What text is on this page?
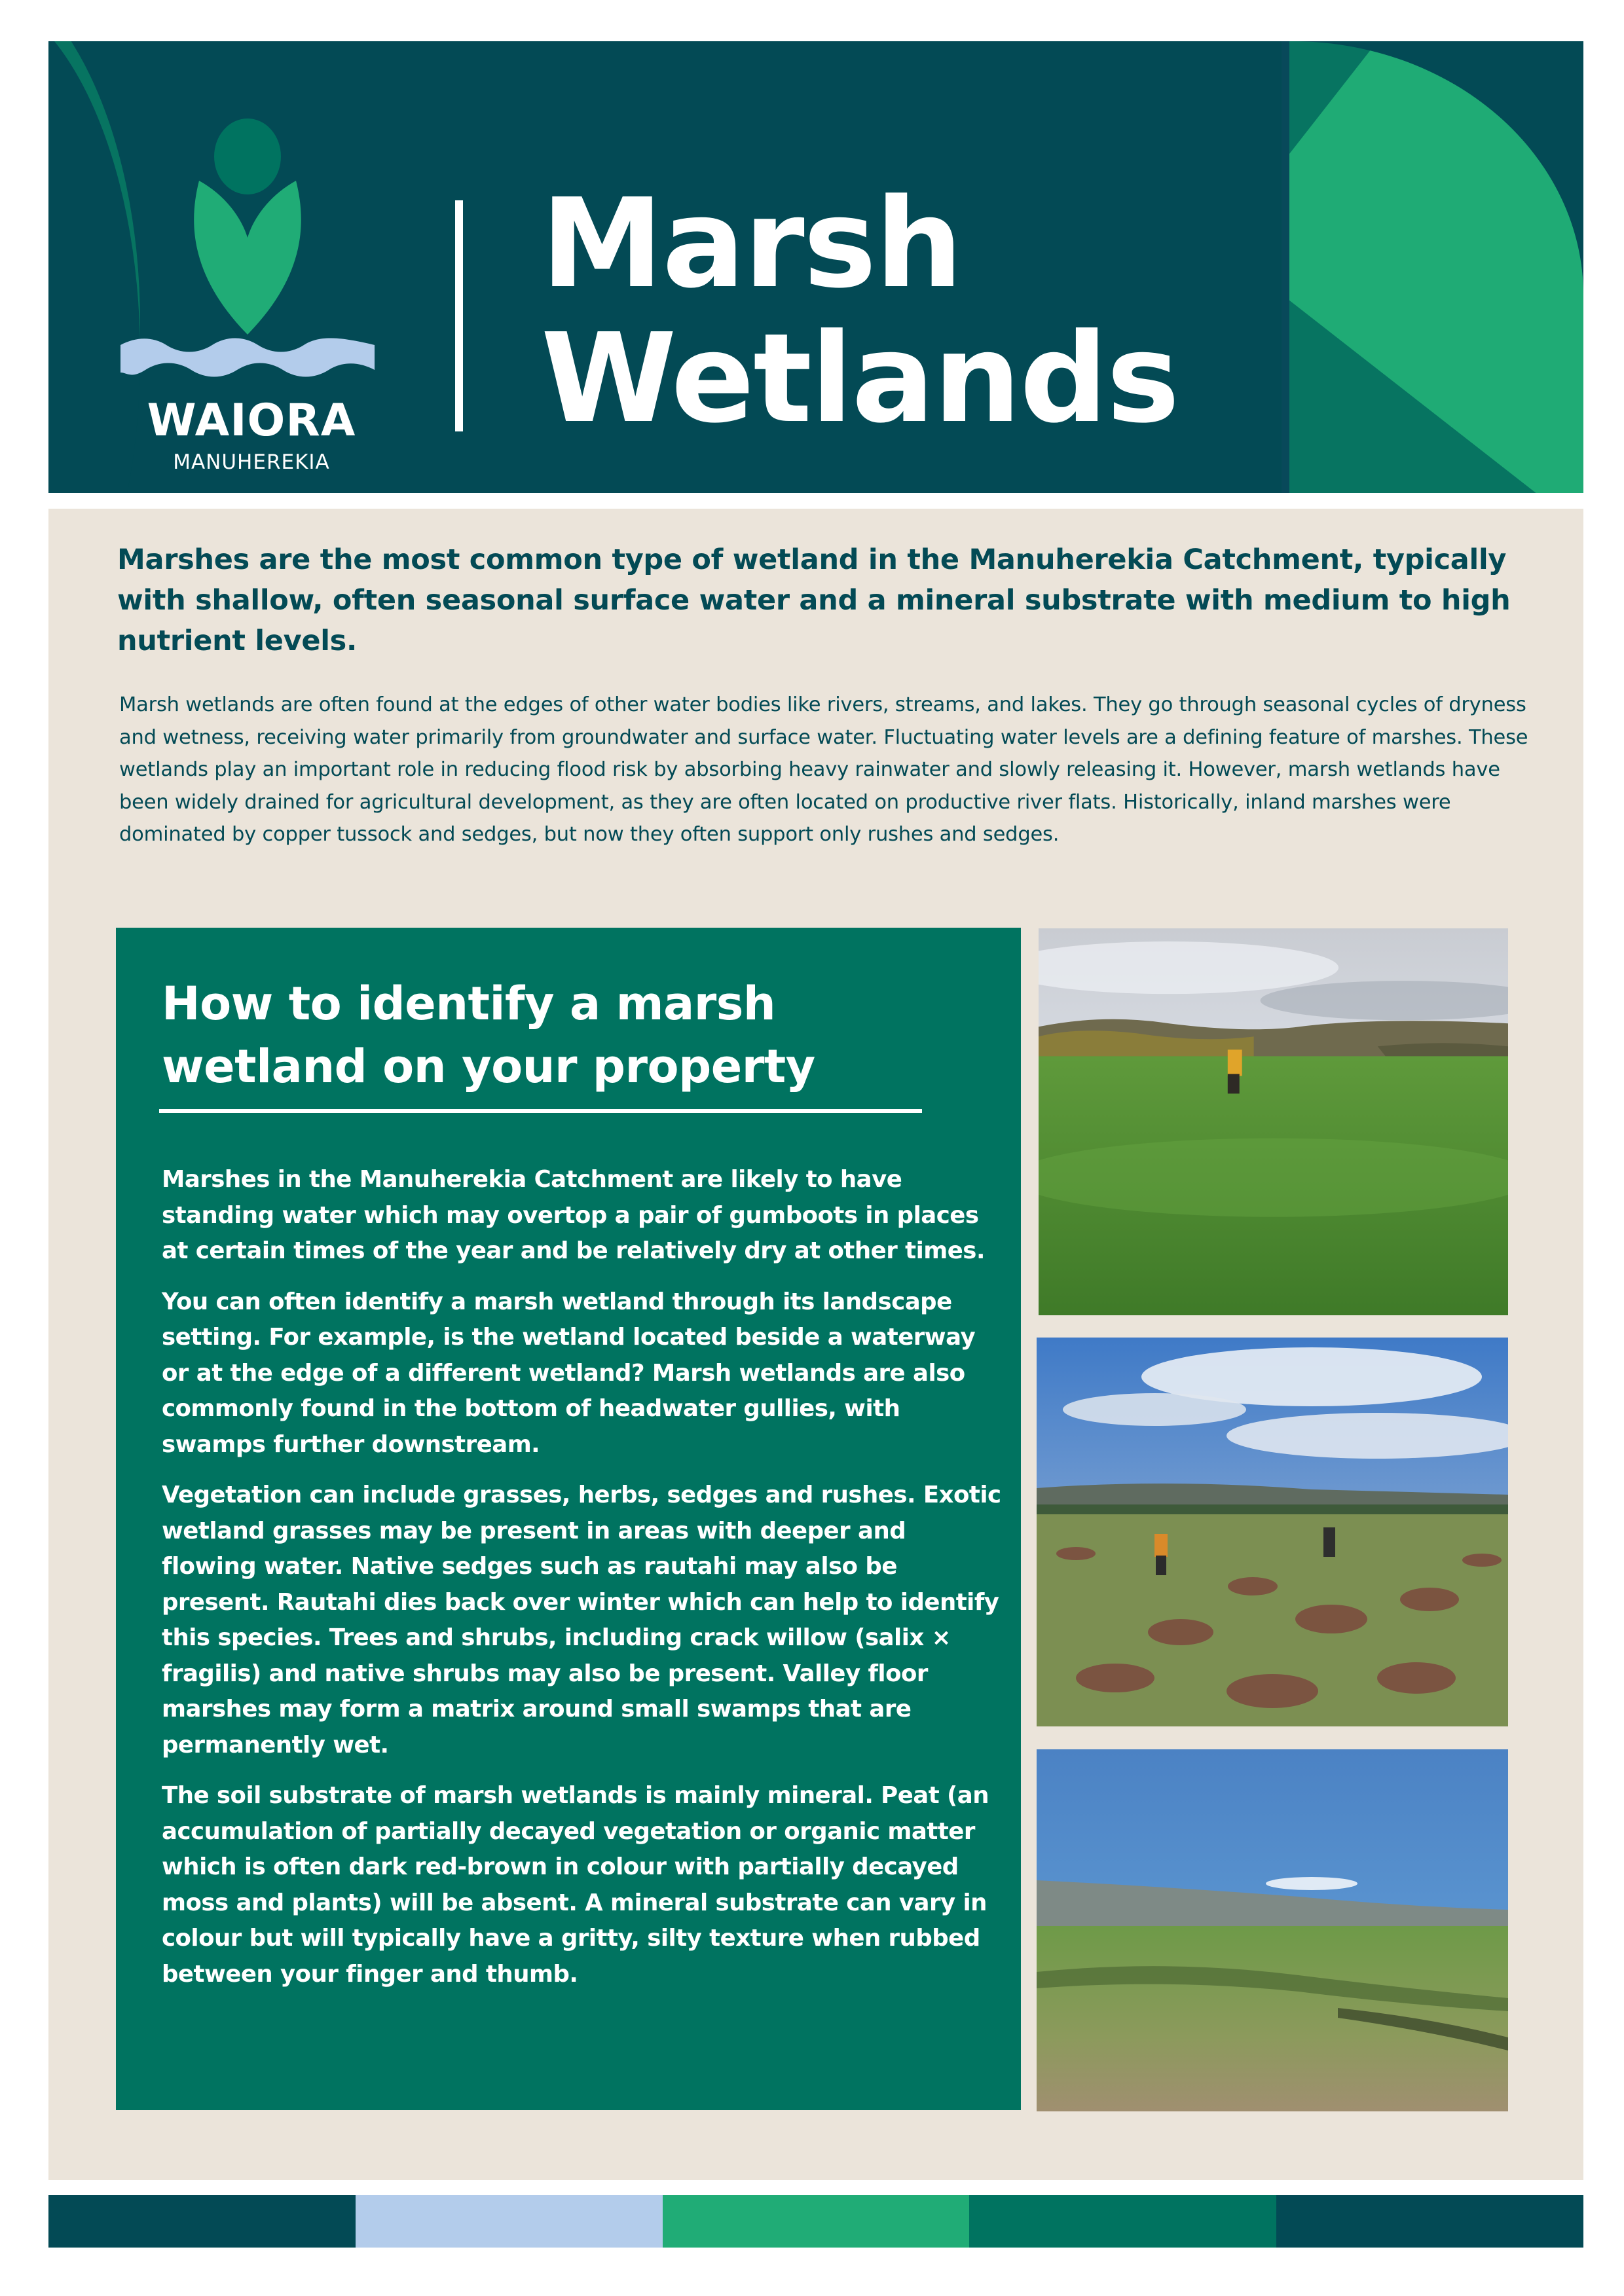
WAIORA
MANUHEREKIA
Marsh
Wetlands
Marshes are the most common type of wetland in the Manuherekia Catchment, typically with shallow, often seasonal surface water and a mineral substrate with medium to high nutrient levels.
Marsh wetlands are often found at the edges of other water bodies like rivers, streams, and lakes. They go through seasonal cycles of dryness and wetness, receiving water primarily from groundwater and surface water. Fluctuating water levels are a defining feature of marshes. These wetlands play an important role in reducing flood risk by absorbing heavy rainwater and slowly releasing it. However, marsh wetlands have been widely drained for agricultural development, as they are often located on productive river flats. Historically, inland marshes were dominated by copper tussock and sedges, but now they often support only rushes and sedges.
How to identify a marsh
wetland on your property

Marshes in the Manuherekia Catchment are likely to have standing water which may overtop a pair of gumboots in places at certain times of the year and be relatively dry at other times.

You can often identify a marsh wetland through its landscape setting. For example, is the wetland located beside a waterway or at the edge of a different wetland? Marsh wetlands are also commonly found in the bottom of headwater gullies, with swamps further downstream.

Vegetation can include grasses, herbs, sedges and rushes. Exotic wetland grasses may be present in areas with deeper and flowing water. Native sedges such as rautahi may also be present. Rautahi dies back over winter which can help to identify this species. Trees and shrubs, including crack willow (salix × fragilis) and native shrubs may also be present. Valley floor marshes may form a matrix around small swamps that are permanently wet.

The soil substrate of marsh wetlands is mainly mineral. Peat (an accumulation of partially decayed vegetation or organic matter which is often dark red-brown in colour with partially decayed moss and plants) will be absent. A mineral substrate can vary in colour but will typically have a gritty, silty texture when rubbed between your finger and thumb.
